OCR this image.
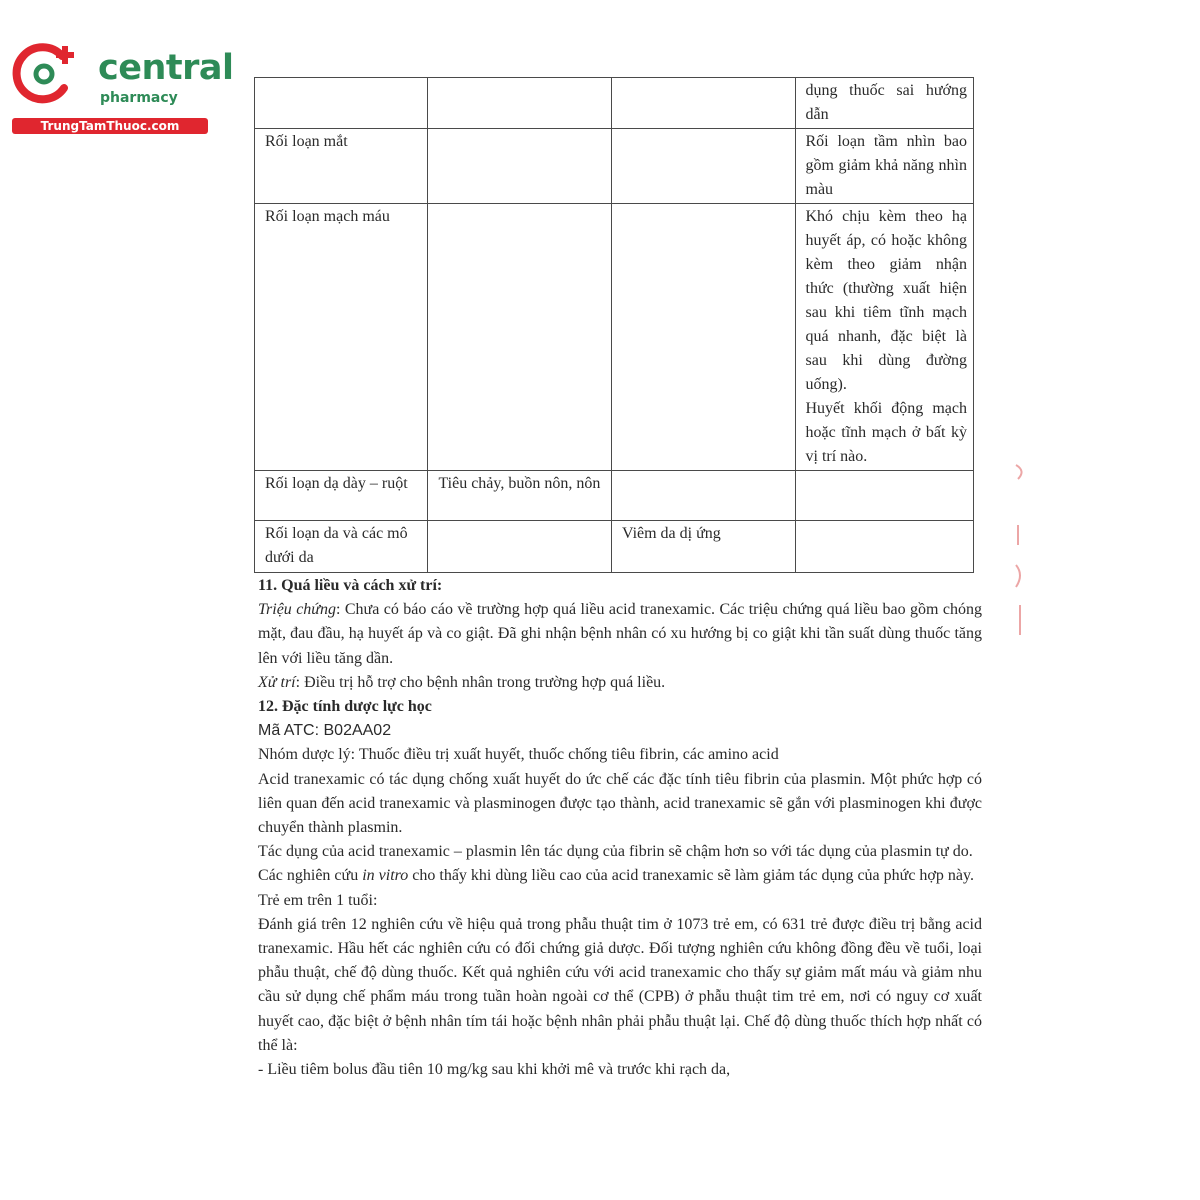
central
pharmacy
TrungTamThuoc.com
			dụng thuốc sai hướng dẫn
Rối loạn mắt			Rối loạn tầm nhìn bao gồm giảm khả năng nhìn màu
Rối loạn mạch máu			Khó chịu kèm theo hạ huyết áp, có hoặc không kèm theo giảm nhận thức (thường xuất hiện sau khi tiêm tĩnh mạch quá nhanh, đặc biệt là sau khi dùng đường uống).
Huyết khối động mạch hoặc tĩnh mạch ở bất kỳ vị trí nào.

Rối loạn dạ dày – ruột	Tiêu chảy, buồn nôn, nôn		
Rối loạn da và các mô dưới da		Viêm da dị ứng	

11. Quá liều và cách xử trí:

Triệu chứng: Chưa có báo cáo về trường hợp quá liều acid tranexamic. Các triệu chứng quá liều bao gồm chóng mặt, đau đầu, hạ huyết áp và co giật. Đã ghi nhận bệnh nhân có xu hướng bị co giật khi tần suất dùng thuốc tăng lên với liều tăng dần.

Xử trí: Điều trị hỗ trợ cho bệnh nhân trong trường hợp quá liều.

12. Đặc tính dược lực học

Mã ATC: B02AA02

Nhóm dược lý: Thuốc điều trị xuất huyết, thuốc chống tiêu fibrin, các amino acid

Acid tranexamic có tác dụng chống xuất huyết do ức chế các đặc tính tiêu fibrin của plasmin. Một phức hợp có liên quan đến acid tranexamic và plasminogen được tạo thành, acid tranexamic sẽ gắn với plasminogen khi được chuyển thành plasmin.

Tác dụng của acid tranexamic – plasmin lên tác dụng của fibrin sẽ chậm hơn so với tác dụng của plasmin tự do.

Các nghiên cứu in vitro cho thấy khi dùng liều cao của acid tranexamic sẽ làm giảm tác dụng của phức hợp này.

Trẻ em trên 1 tuổi:

Đánh giá trên 12 nghiên cứu về hiệu quả trong phẫu thuật tim ở 1073 trẻ em, có 631 trẻ được điều trị bằng acid tranexamic. Hầu hết các nghiên cứu có đối chứng giả dược. Đối tượng nghiên cứu không đồng đều về tuổi, loại phẫu thuật, chế độ dùng thuốc. Kết quả nghiên cứu với acid tranexamic cho thấy sự giảm mất máu và giảm nhu cầu sử dụng chế phẩm máu trong tuần hoàn ngoài cơ thể (CPB) ở phẫu thuật tim trẻ em, nơi có nguy cơ xuất huyết cao, đặc biệt ở bệnh nhân tím tái hoặc bệnh nhân phải phẫu thuật lại. Chế độ dùng thuốc thích hợp nhất có thể là:

- Liều tiêm bolus đầu tiên 10 mg/kg sau khi khởi mê và trước khi rạch da,
